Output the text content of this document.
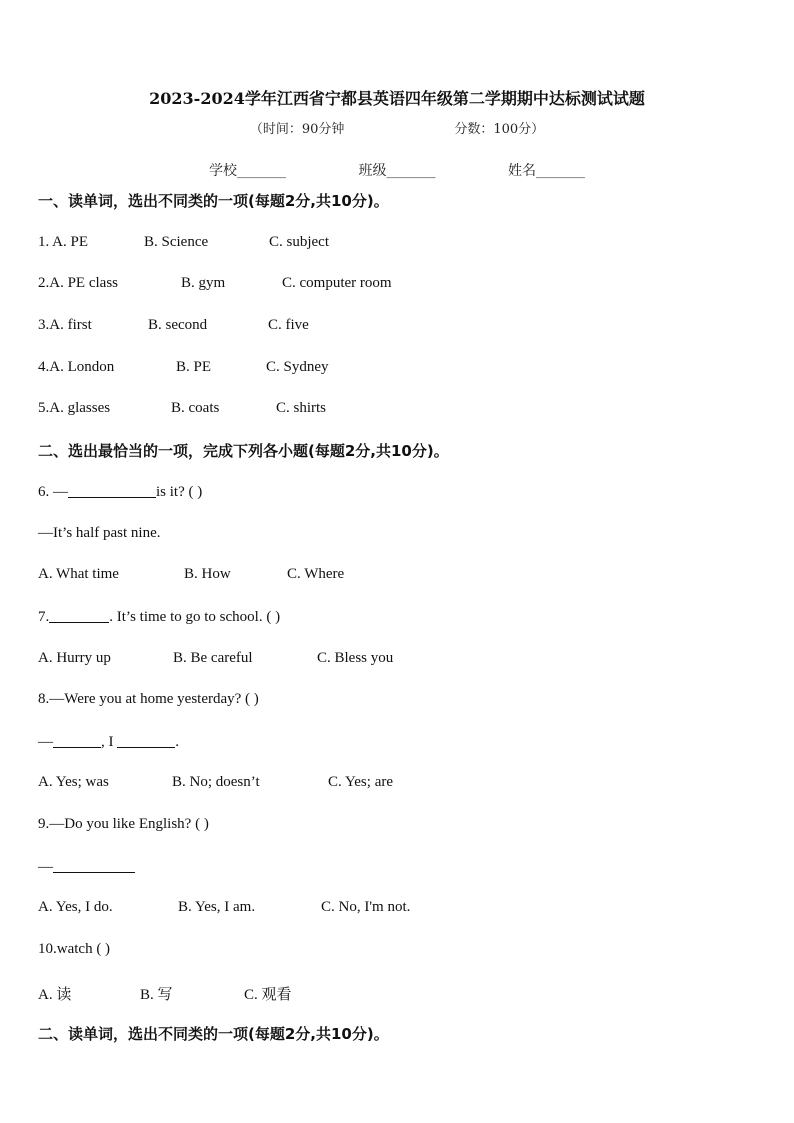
2023-2024学年江西省宁都县英语四年级第二学期期中达标测试试题
（时间：90分钟	分数：100分）
学校_______	班级_______	姓名_______
一、读单词，选出不同类的一项(每题2分,共10分)。
1. A. PE	B. Science	C. subject
2.A. PE class	B. gym	C. computer room
3.A. first	B. second	C. five
4.A. London	B. PE	C. Sydney
5.A. glasses	B. coats	C. shirts
二、选出最恰当的一项，完成下列各小题(每题2分,共10分)。
6. —	is it? ( )
—It’s half past nine.
A. What time	B. How	C. Where
7.	. It’s time to go to school. ( )
A. Hurry up	B. Be careful	C. Bless you
8.—Were you at home yesterday? ( )
—	, I	.
A. Yes; was	B. No; doesn’t	C. Yes; are
9.—Do you like English? ( )
—
A. Yes, I do.	B. Yes, I am.	C. No, I'm not.
10.watch ( )
A. 读	B. 写	C. 观看
二、读单词，选出不同类的一项(每题2分,共10分)。
